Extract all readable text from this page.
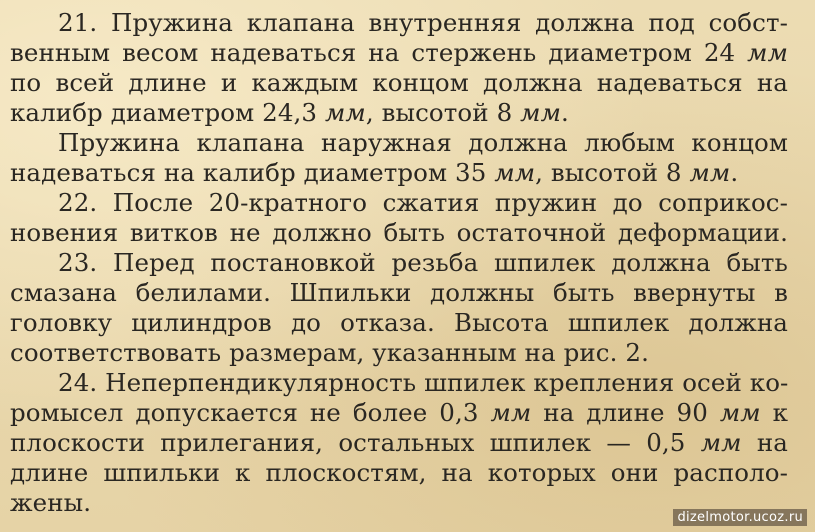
21. Пружина клапана внутренняя должна под собст-
венным весом надеваться на стержень диаметром 24 мм
по всей длине и каждым концом должна надеваться на
калибр диаметром 24,3 мм, высотой 8 мм.
Пружина клапана наружная должна любым концом
надеваться на калибр диаметром 35 мм, высотой 8 мм.
22. После 20-кратного сжатия пружин до соприкос-
новения витков не должно быть остаточной деформации.
23. Перед постановкой резьба шпилек должна быть
смазана белилами. Шпильки должны быть ввернуты в
головку цилиндров до отказа. Высота шпилек должна
соответствовать размерам, указанным на рис. 2.
24. Неперпендикулярность шпилек крепления осей ко-
ромысел допускается не более 0,3 мм на длине 90 мм к
плоскости прилегания, остальных шпилек — 0,5 мм на
длине шпильки к плоскостям, на которых они располо-
жены.
dizelmotor.ucoz.ru
